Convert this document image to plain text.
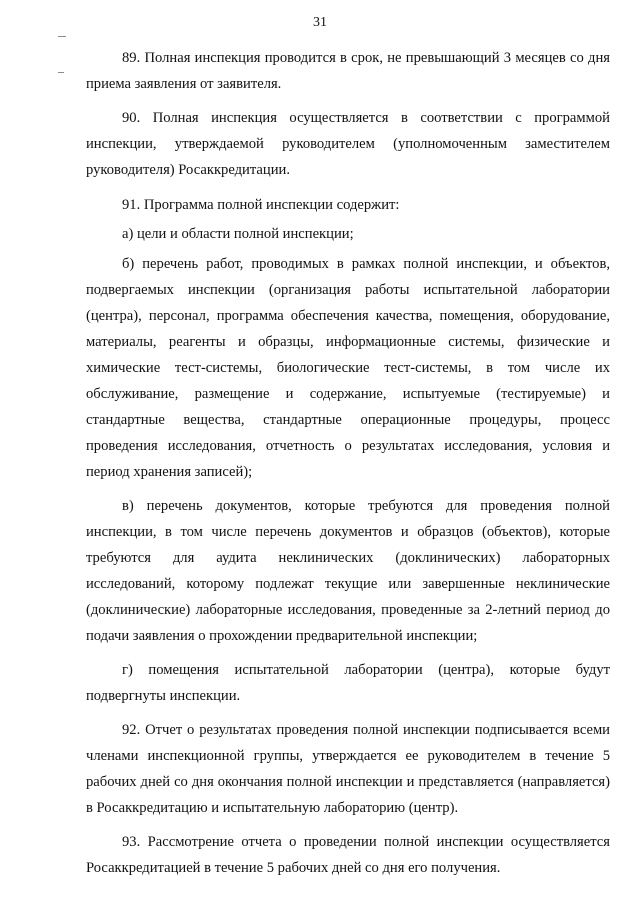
31

89. Полная инспекция проводится в срок, не превышающий 3 месяцев со дня приема заявления от заявителя.

90. Полная инспекция осуществляется в соответствии с программой инспекции, утверждаемой руководителем (уполномоченным заместителем руководителя) Росаккредитации.

91. Программа полной инспекции содержит:

а) цели и области полной инспекции;

б) перечень работ, проводимых в рамках полной инспекции, и объектов, подвергаемых инспекции (организация работы испытательной лаборатории (центра), персонал, программа обеспечения качества, помещения, оборудование, материалы, реагенты и образцы, информационные системы, физические и химические тест-системы, биологические тест-системы, в том числе их обслуживание, размещение и содержание, испытуемые (тестируемые) и стандартные вещества, стандартные операционные процедуры, процесс проведения исследования, отчетность о результатах исследования, условия и период хранения записей);

в) перечень документов, которые требуются для проведения полной инспекции, в том числе перечень документов и образцов (объектов), которые требуются для аудита неклинических (доклинических) лабораторных исследований, которому подлежат текущие или завершенные неклинические (доклинические) лабораторные исследования, проведенные за 2-летний период до подачи заявления о прохождении предварительной инспекции;

г) помещения испытательной лаборатории (центра), которые будут подвергнуты инспекции.

92. Отчет о результатах проведения полной инспекции подписывается всеми членами инспекционной группы, утверждается ее руководителем в течение 5 рабочих дней со дня окончания полной инспекции и представляется (направляется) в Росаккредитацию и испытательную лабораторию (центр).

93. Рассмотрение отчета о проведении полной инспекции осуществляется Росаккредитацией в течение 5 рабочих дней со дня его получения.
